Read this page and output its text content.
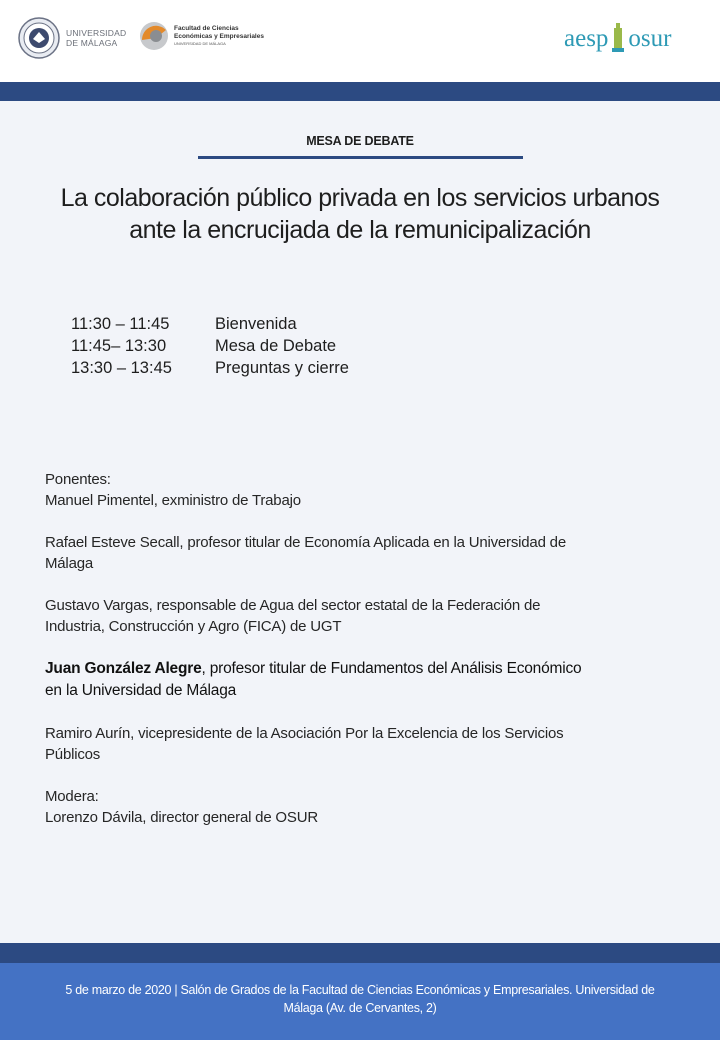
UNIVERSIDAD
DE MÁLAGA
Facultad de Ciencias
Económicas y Empresariales
UNIVERSIDAD DE MÁLAGA	aesp osur
MESA DE DEBATE
La colaboración público privada en los servicios urbanos
ante la encrucijada de la remunicipalización
11:30 – 11:45	Bienvenida
11:45– 13:30	Mesa de Debate
13:30 – 13:45	Preguntas y cierre
Ponentes:
Manuel Pimentel, exministro de Trabajo
Rafael Esteve Secall, profesor titular de Economía Aplicada en la Universidad de
Málaga
Gustavo Vargas, responsable de Agua del sector estatal de la Federación de
Industria, Construcción y Agro (FICA) de UGT
Juan González Alegre, profesor titular de Fundamentos del Análisis Económico
en la Universidad de Málaga
Ramiro Aurín, vicepresidente de la Asociación Por la Excelencia de los Servicios
Públicos
Modera:
Lorenzo Dávila, director general de OSUR
5 de marzo de 2020 | Salón de Grados de la Facultad de Ciencias Económicas y Empresariales. Universidad de
Málaga (Av. de Cervantes, 2)
